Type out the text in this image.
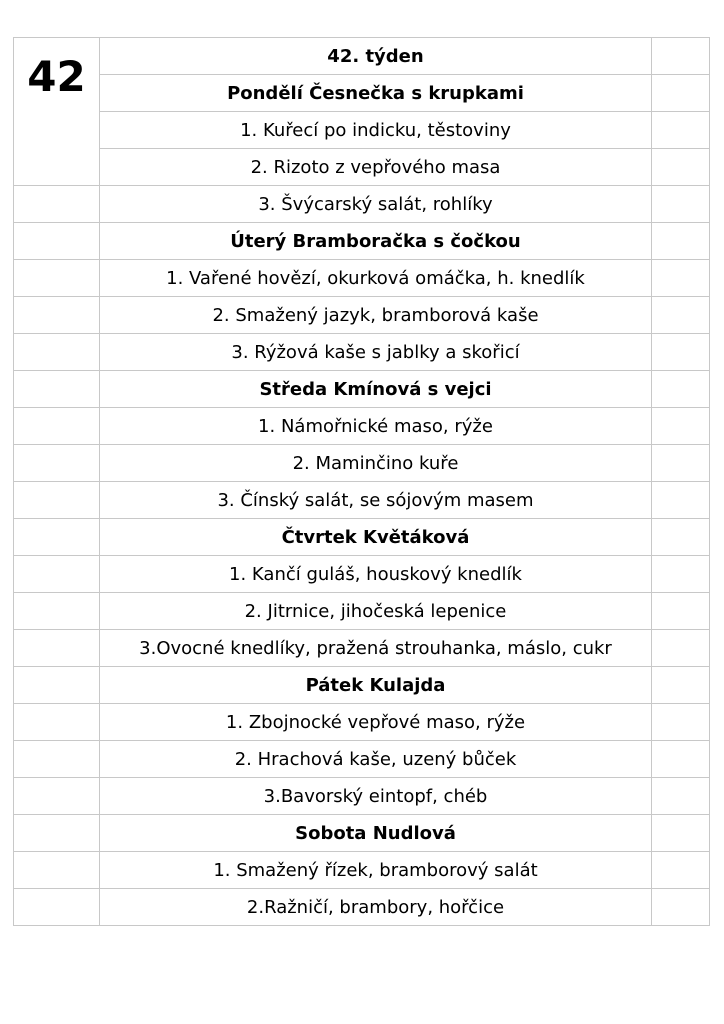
42	42. týden	
	Pondělí Česnečka s krupkami	
	1. Kuřecí po indicku, těstoviny	
	2. Rizoto z vepřového masa	
	3. Švýcarský salát, rohlíky	
	Úterý Bramboračka s čočkou	
	1. Vařené hovězí, okurková omáčka, h. knedlík	
	2. Smažený jazyk, bramborová kaše	
	3. Rýžová kaše s jablky a skořicí	
	Středa Kmínová s vejci	
	1. Námořnické maso, rýže	
	2. Maminčino kuře	
	3. Čínský salát, se sójovým masem	
	Čtvrtek Květáková	
	1. Kančí guláš, houskový knedlík	
	2. Jitrnice, jihočeská lepenice	
	3.Ovocné knedlíky, pražená strouhanka, máslo, cukr	
	Pátek Kulajda	
	1. Zbojnocké vepřové maso, rýže	
	2. Hrachová kaše, uzený bůček	
	3.Bavorský eintopf, chéb	
	Sobota Nudlová	
	1. Smažený řízek, bramborový salát	
	2.Ražničí, brambory, hořčice	
